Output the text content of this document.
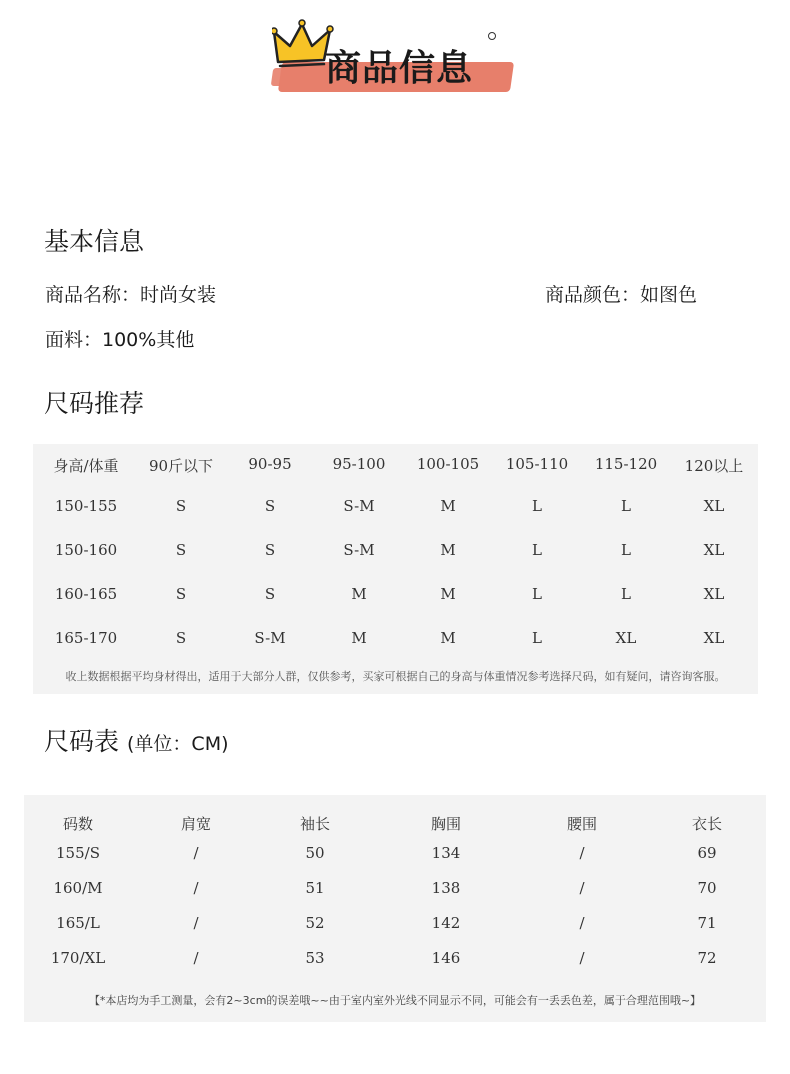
商品信息
基本信息
商品名称：时尚女装	商品颜色：如图色
面料：100%其他
尺码推荐
身高/体重	90斤以下	90-95	95-100	100-105	105-110	115-120	120以上
150-155	S	S	S-M	M	L	L	XL
150-160	S	S	S-M	M	L	L	XL
160-165	S	S	M	M	L	L	XL
165-170	S	S-M	M	M	L	XL	XL
收上数据根据平均身材得出，适用于大部分人群，仅供参考，买家可根据自己的身高与体重情况参考选择尺码，如有疑问，请咨询客服。
尺码表 (单位：CM)
码数	肩宽	袖长	胸围	腰围	衣长
155/S	/	50	134	/	69
160/M	/	51	138	/	70
165/L	/	52	142	/	71
170/XL	/	53	146	/	72
【*本店均为手工测量，会有2~3cm的误差哦~~由于室内室外光线不同显示不同，可能会有一丢丢色差，属于合理范围哦~】
